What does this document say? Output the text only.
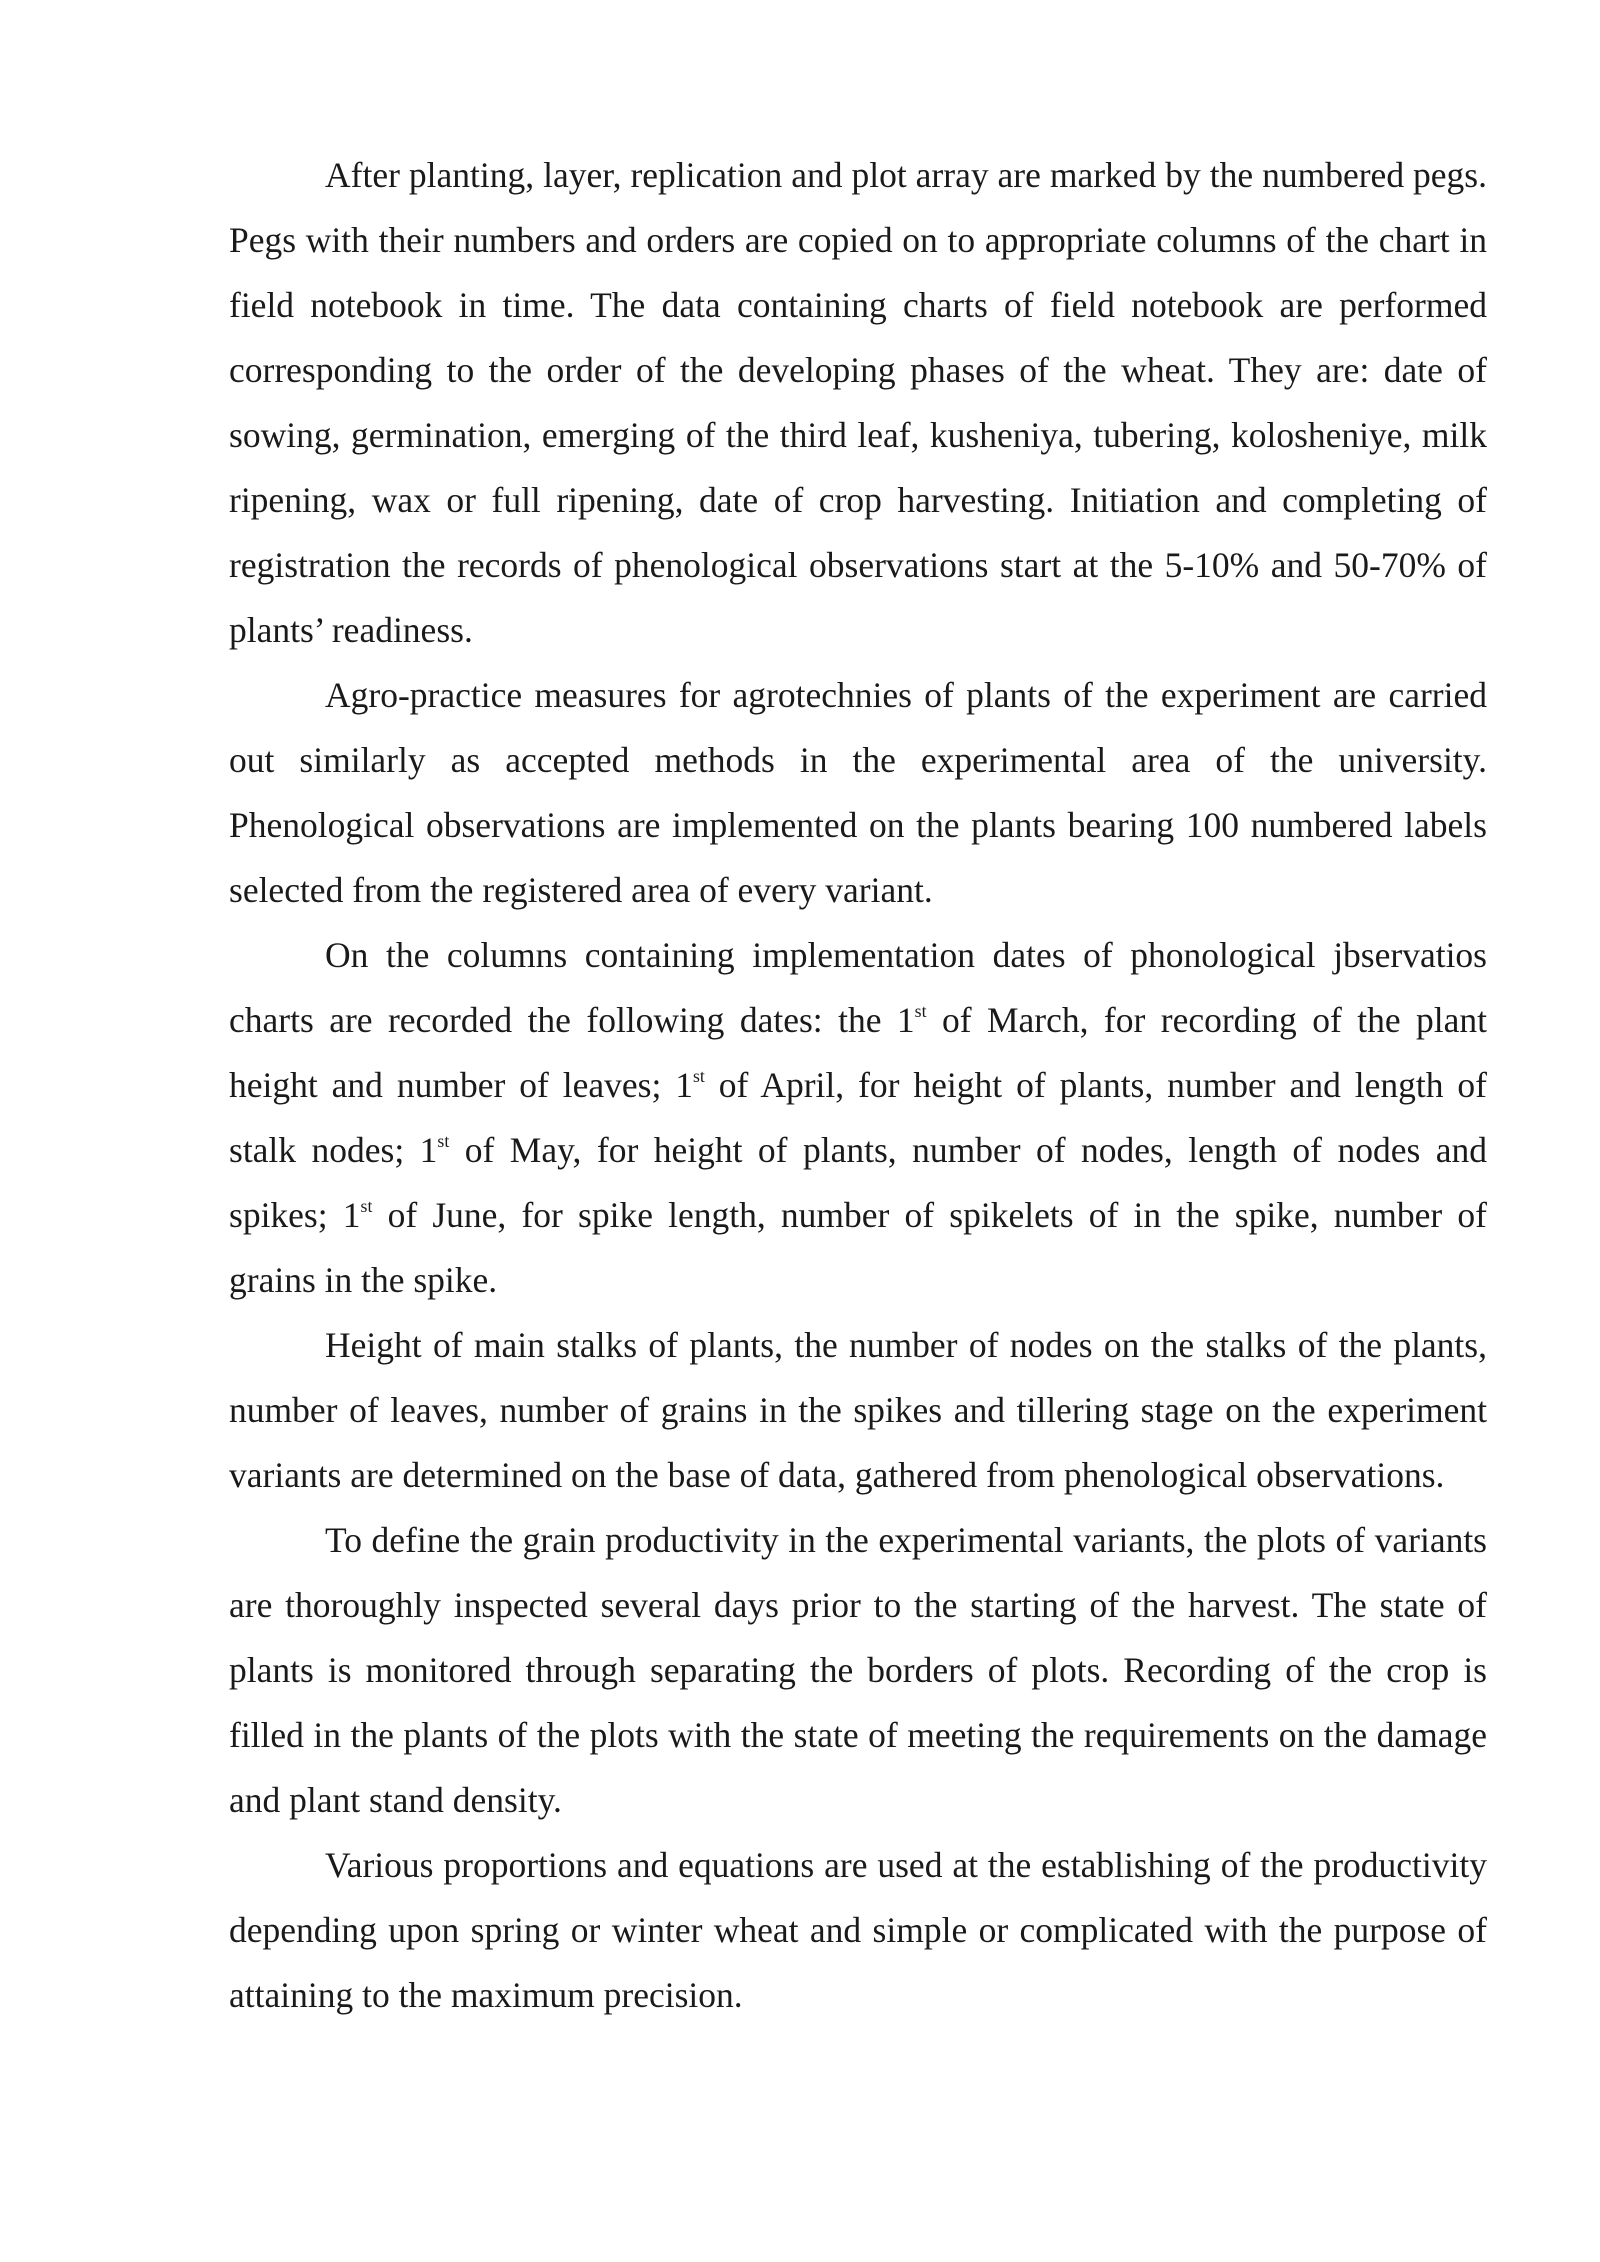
After planting, layer, replication and plot array are marked by the numbered pegs. Pegs with their numbers and orders are copied on to appropriate columns of the chart in field notebook in time. The data containing charts of field notebook are performed corresponding to the order of the developing phases of the wheat. They are: date of sowing, germination, emerging of the third leaf, kusheniya, tubering, kolosheniye, milk ripening, wax or full ripening, date of crop harvesting. Initiation and completing of registration the records of phenological observations start at the 5-10% and 50-70% of plants’ readiness.

Agro-practice measures for agrotechnies of plants of the experiment are carried out similarly as accepted methods in the experimental area of the university. Phenological observations are implemented on the plants bearing 100 numbered labels selected from the registered area of every variant.

On the columns containing implementation dates of phonological jbservatios charts are recorded the following dates: the 1st of March, for recording of the plant height and number of leaves; 1st of April, for height of plants, number and length of stalk nodes; 1st of May, for height of plants, number of nodes, length of nodes and spikes; 1st of June, for spike length, number of spikelets of in the spike, number of grains in the spike.

Height of main stalks of plants, the number of nodes on the stalks of the plants, number of leaves, number of grains in the spikes and tillering stage on the experiment variants are determined on the base of data, gathered from phenological observations.

To define the grain productivity in the experimental variants, the plots of variants are thoroughly inspected several days prior to the starting of the harvest. The state of plants is monitored through separating the borders of plots. Recording of the crop is filled in the plants of the plots with the state of meeting the requirements on the damage and plant stand density.

Various proportions and equations are used at the establishing of the productivity depending upon spring or winter wheat and simple or complicated with the purpose of attaining to the maximum precision.
